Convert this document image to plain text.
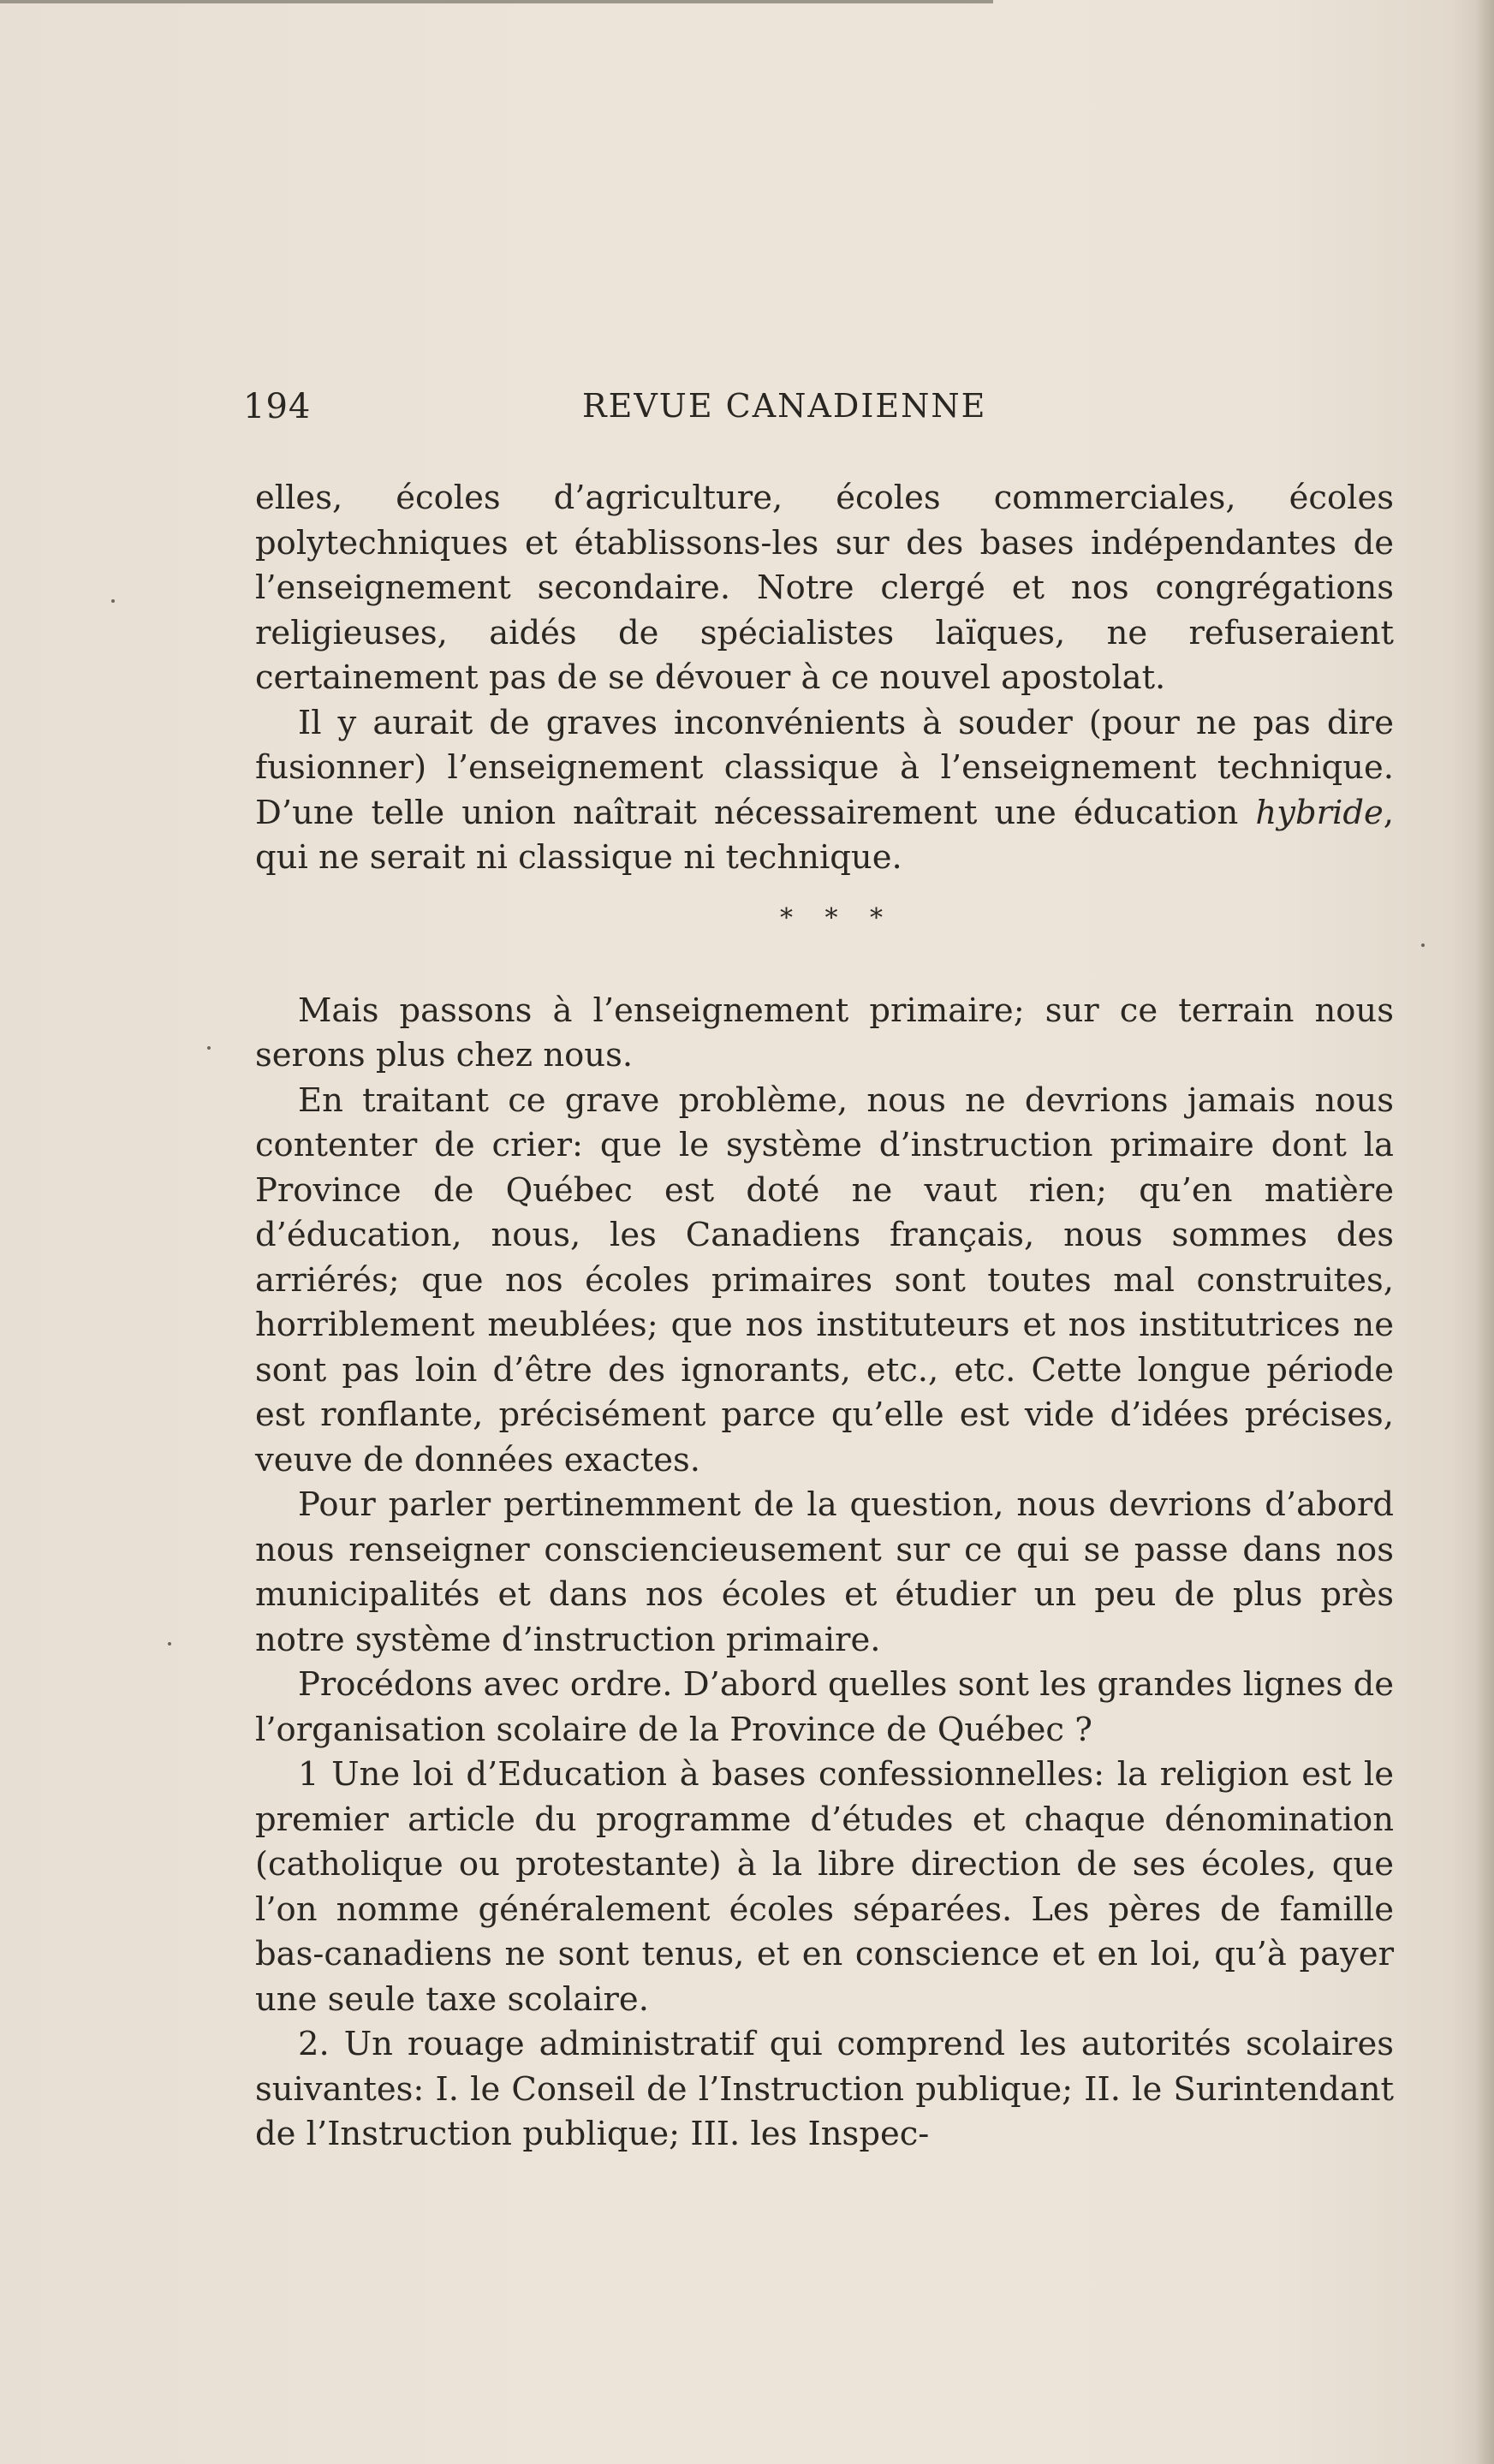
194	REVUE CANADIENNE

elles, écoles d’agriculture, écoles commerciales, écoles polytechniques et établissons-les sur des bases indépendantes de l’enseignement secondaire. Notre clergé et nos congrégations religieuses, aidés de spécialistes laïques, ne refuseraient certainement pas de se dévouer à ce nouvel apostolat.

Il y aurait de graves inconvénients à souder (pour ne pas dire fusionner) l’enseignement classique à l’enseignement technique. D’une telle union naîtrait nécessairement une éducation hybride, qui ne serait ni classique ni technique.

* * *

Mais passons à l’enseignement primaire; sur ce terrain nous serons plus chez nous.

En traitant ce grave problème, nous ne devrions jamais nous contenter de crier: que le système d’instruction primaire dont la Province de Québec est doté ne vaut rien; qu’en matière d’éducation, nous, les Canadiens français, nous sommes des arriérés; que nos écoles primaires sont toutes mal construites, horriblement meublées; que nos instituteurs et nos institutrices ne sont pas loin d’être des ignorants, etc., etc. Cette longue période est ronflante, précisément parce qu’elle est vide d’idées précises, veuve de données exactes.

Pour parler pertinemment de la question, nous devrions d’abord nous renseigner consciencieusement sur ce qui se passe dans nos municipalités et dans nos écoles et étudier un peu de plus près notre système d’instruction primaire.

Procédons avec ordre. D’abord quelles sont les grandes lignes de l’organisation scolaire de la Province de Québec ?

1 Une loi d’Education à bases confessionnelles: la religion est le premier article du programme d’études et chaque dénomination (catholique ou protestante) à la libre direction de ses écoles, que l’on nomme généralement écoles séparées. Les pères de famille bas-canadiens ne sont tenus, et en conscience et en loi, qu’à payer une seule taxe scolaire.

2. Un rouage administratif qui comprend les autorités scolaires suivantes: I. le Conseil de l’Instruction publique; II. le Surintendant de l’Instruction publique; III. les Inspec-
